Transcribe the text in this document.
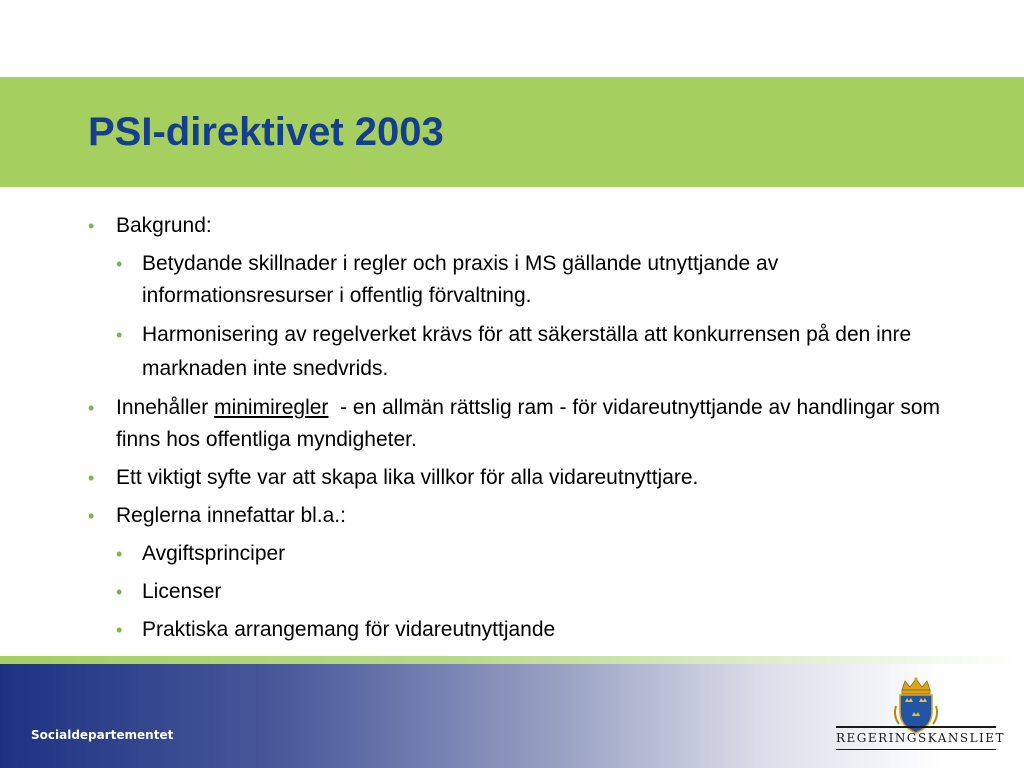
PSI-direktivet 2003
• Bakgrund:
• Betydande skillnader i regler och praxis i MS gällande utnyttjande av informationsresurser i offentlig förvaltning.
• Harmonisering av regelverket krävs för att säkerställa att konkurrensen på den inre marknaden inte snedvrids.
• Innehåller minimiregler  - en allmän rättslig ram - för vidareutnyttjande av handlingar som finns hos offentliga myndigheter.
• Ett viktigt syfte var att skapa lika villkor för alla vidareutnyttjare.
• Reglerna innefattar bl.a.:
• Avgiftsprinciper
• Licenser
• Praktiska arrangemang för vidareutnyttjande

Socialdepartementet	REGERINGSKANSLIET
